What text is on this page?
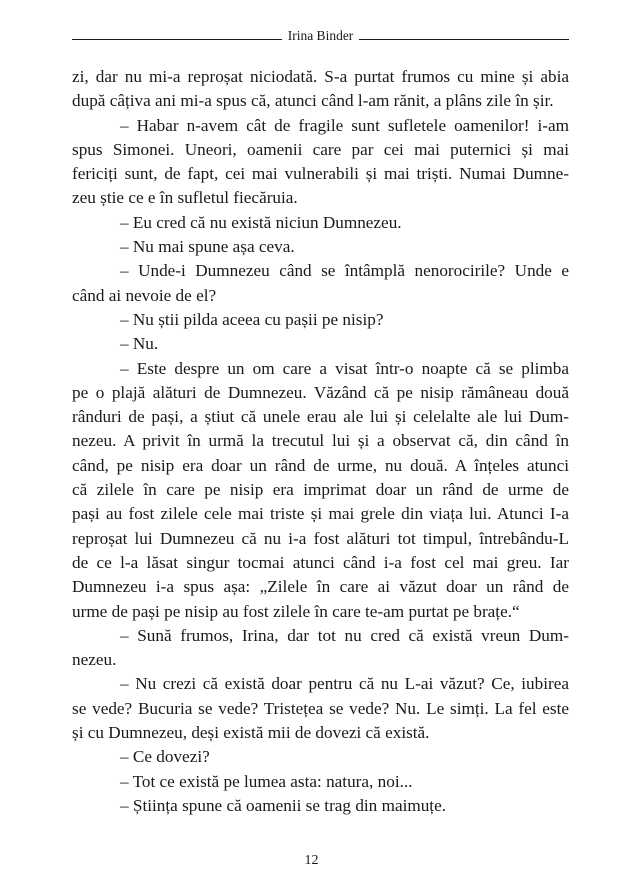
Irina Binder
zi, dar nu mi-a reproșat niciodată. S-a purtat frumos cu mine și abia
după câțiva ani mi-a spus că, atunci când l-am rănit, a plâns zile în șir.
– Habar n-avem cât de fragile sunt sufletele oamenilor! i-am
spus Simonei. Uneori, oamenii care par cei mai puternici și mai
fericiți sunt, de fapt, cei mai vulnerabili și mai triști. Numai Dumne-
zeu știe ce e în sufletul fiecăruia.
– Eu cred că nu există niciun Dumnezeu.
– Nu mai spune așa ceva.
– Unde-i Dumnezeu când se întâmplă nenorocirile? Unde e
când ai nevoie de el?
– Nu știi pilda aceea cu pașii pe nisip?
– Nu.
– Este despre un om care a visat într-o noapte că se plimba
pe o plajă alături de Dumnezeu. Văzând că pe nisip rămâneau două
rânduri de pași, a știut că unele erau ale lui și celelalte ale lui Dum-
nezeu. A privit în urmă la trecutul lui și a observat că, din când în
când, pe nisip era doar un rând de urme, nu două. A înțeles atunci
că zilele în care pe nisip era imprimat doar un rând de urme de
pași au fost zilele cele mai triste și mai grele din viața lui. Atunci I-a
reproșat lui Dumnezeu că nu i-a fost alături tot timpul, întrebându-L
de ce l-a lăsat singur tocmai atunci când i-a fost cel mai greu. Iar
Dumnezeu i-a spus așa: „Zilele în care ai văzut doar un rând de
urme de pași pe nisip au fost zilele în care te-am purtat pe brațe.“
– Sună frumos, Irina, dar tot nu cred că există vreun Dum-
nezeu.
– Nu crezi că există doar pentru că nu L-ai văzut? Ce, iubirea
se vede? Bucuria se vede? Tristețea se vede? Nu. Le simți. La fel este
și cu Dumnezeu, deși există mii de dovezi că există.
– Ce dovezi?
– Tot ce există pe lumea asta: natura, noi...
– Știința spune că oamenii se trag din maimuțe.
12
